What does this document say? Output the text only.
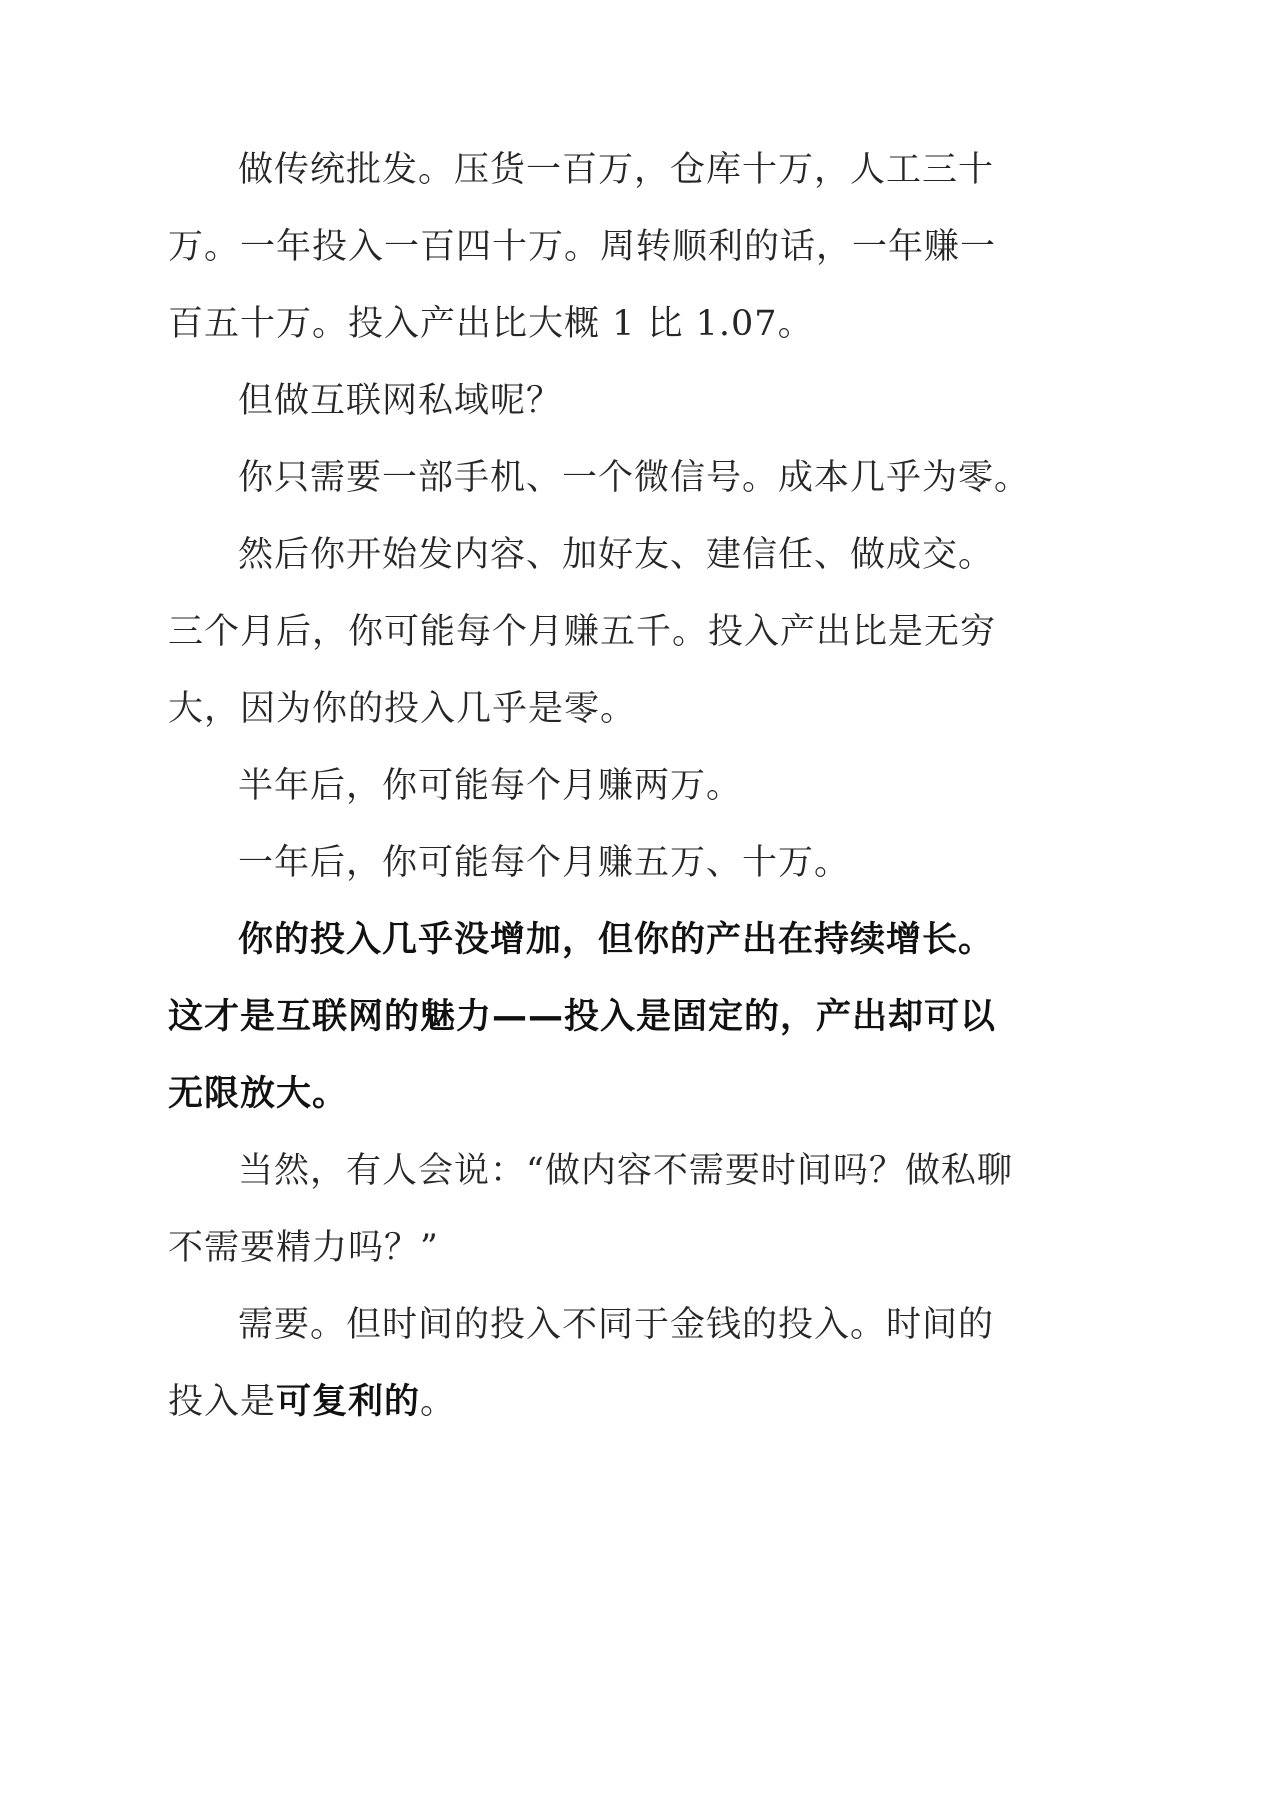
做传统批发。压货一百万，仓库十万，人工三十
万。一年投入一百四十万。周转顺利的话，一年赚一
百五十万。投入产出比大概 1 比 1.07。
但做互联网私域呢？
你只需要一部手机、一个微信号。成本几乎为零。
然后你开始发内容、加好友、建信任、做成交。
三个月后，你可能每个月赚五千。投入产出比是无穷
大，因为你的投入几乎是零。
半年后，你可能每个月赚两万。
一年后，你可能每个月赚五万、十万。
你的投入几乎没增加，但你的产出在持续增长。
这才是互联网的魅力——投入是固定的，产出却可以
无限放大。
当然，有人会说：“做内容不需要时间吗？做私聊
不需要精力吗？”
需要。但时间的投入不同于金钱的投入。时间的
投入是可复利的。
